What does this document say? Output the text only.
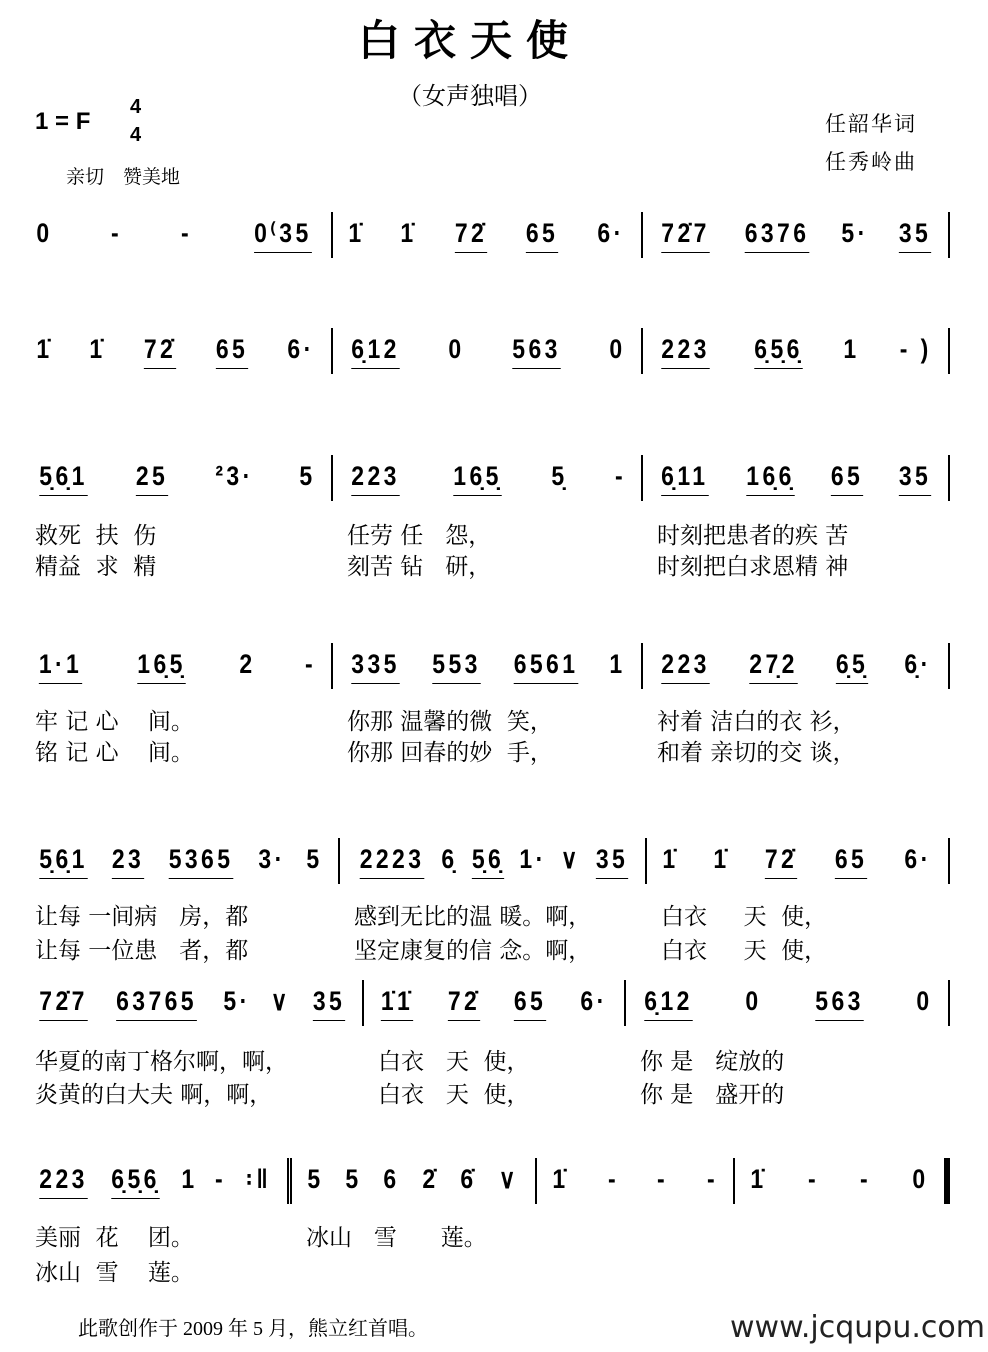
白衣天使
（女声独唱）
1 = F
4
4
亲切　赞美地
任韶华词
任秀岭曲
0 - - 0⁽35 1̇ 1̇ 72̇ 65 6· 72̇7 6376 5· 35
1̇ 1̇ 72̇ 65 6· 6̣12 0 563 0 223 6̣5̣6̣ 1 - )
5̣6̣1 25 ²3· 5 223 16̣5̣ 5̣ - 6̣11 16̣6̣ 65 35
救死  扶  伤	任劳 任   怨，	时刻把患者的疾 苦
精益  求  精	刻苦 钻   研，	时刻把白求恩精 神
1·1 16̣5̣ 2 - 335 553 6561 1 223 27̣2 6̣5̣ 6̣·
牢 记 心    间。	你那 温馨的微  笑，	衬着 洁白的衣 衫，
铭 记 心    间。	你那 回春的妙  手，	和着 亲切的交 谈，
5̣6̣1 23 5365 3· 5 2223 6̣ 5̣6̣ 1· ∨ 35 1̇ 1̇ 72̇ 65 6·
让每 一间病   房，都	感到无比的温 暖。啊，	白衣     天  使，
让每 一位患   者，都	坚定康复的信 念。啊，	白衣     天  使，
72̇7 63765 5· ∨ 35 1̇1̇ 72̇ 65 6· 6̣12 0 563 0
华夏的南丁格尔啊，啊，	白衣   天  使，	你 是   绽放的
炎黄的白大夫 啊，啊，	白衣   天  使，	你 是   盛开的
223 6̣5̣6̣ 1 - ꞉‖ 5 5 6 2̇ 6̇ ∨ 1̇ - - - 1̇ - - 0
美丽  花    团。	冰山   雪      莲。
冰山  雪    莲。
此歌创作于 2009 年 5 月，熊立红首唱。	www.jcqupu.com
